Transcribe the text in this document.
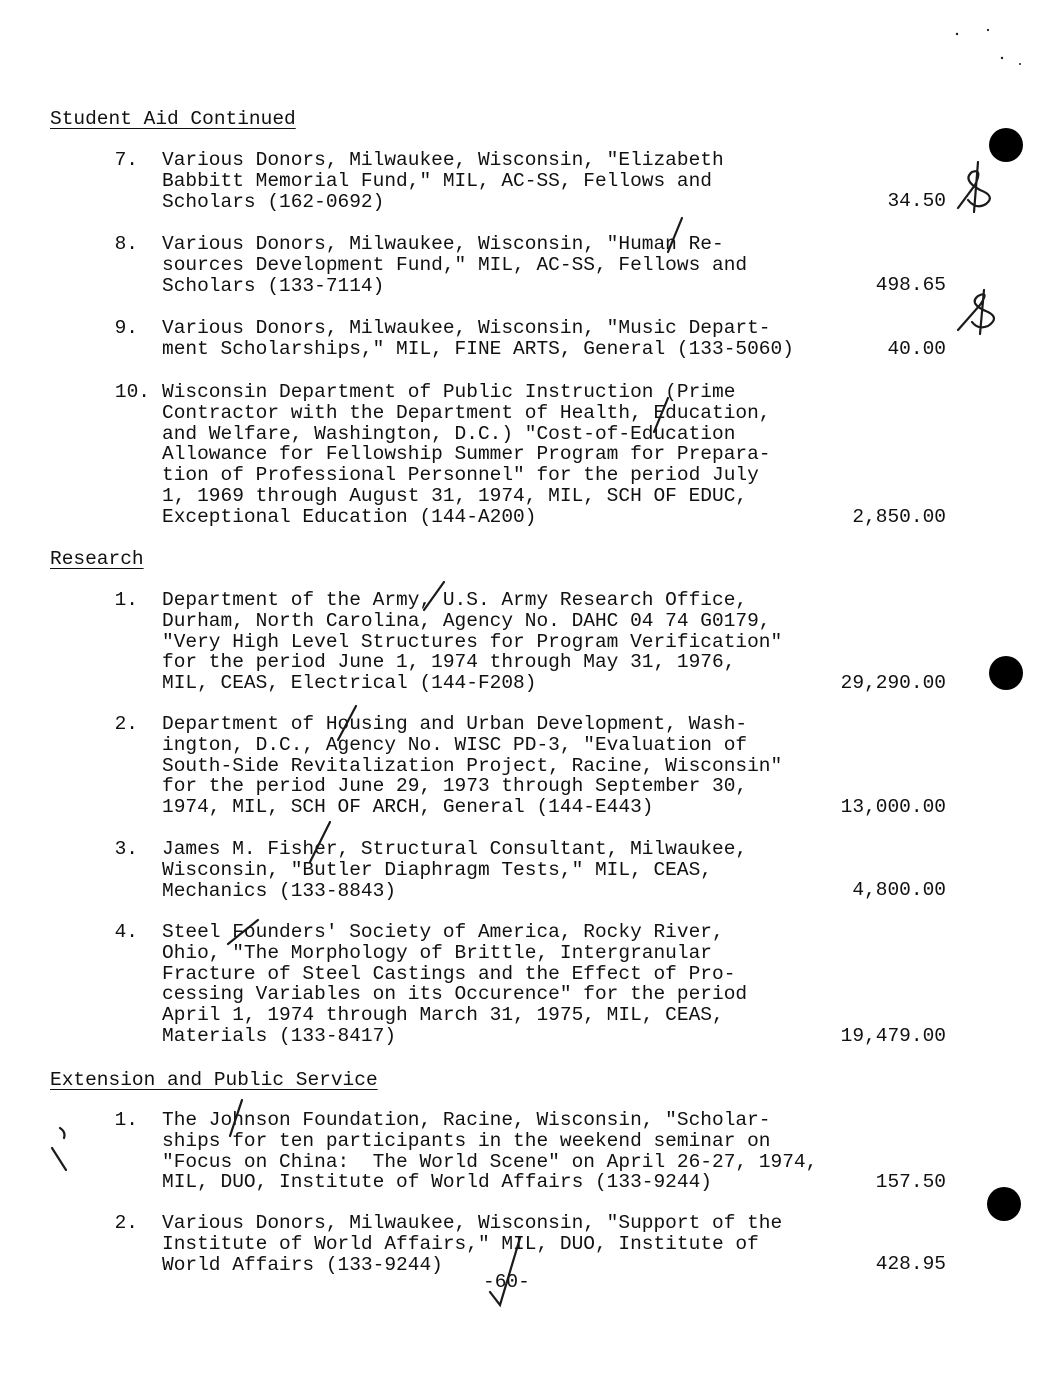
Student Aid Continued
7. Various Donors, Milwaukee, Wisconsin, "Elizabeth
Babbitt Memorial Fund," MIL, AC-SS, Fellows and
Scholars (162-0692)	34.50
8. Various Donors, Milwaukee, Wisconsin, "Human Re-
sources Development Fund," MIL, AC-SS, Fellows and
Scholars (133-7114)	498.65
9. Various Donors, Milwaukee, Wisconsin, "Music Depart-
ment Scholarships," MIL, FINE ARTS, General (133-5060)	40.00
10. Wisconsin Department of Public Instruction (Prime
Contractor with the Department of Health, Education,
and Welfare, Washington, D.C.) "Cost-of-Education
Allowance for Fellowship Summer Program for Prepara-
tion of Professional Personnel" for the period July
1, 1969 through August 31, 1974, MIL, SCH OF EDUC,
Exceptional Education (144-A200)	2,850.00
Research
1. Department of the Army, U.S. Army Research Office,
Durham, North Carolina, Agency No. DAHC 04 74 G0179,
"Very High Level Structures for Program Verification"
for the period June 1, 1974 through May 31, 1976,
MIL, CEAS, Electrical (144-F208)	29,290.00
2. Department of Housing and Urban Development, Wash-
ington, D.C., Agency No. WISC PD-3, "Evaluation of
South-Side Revitalization Project, Racine, Wisconsin"
for the period June 29, 1973 through September 30,
1974, MIL, SCH OF ARCH, General (144-E443)	13,000.00
3. James M. Fisher, Structural Consultant, Milwaukee,
Wisconsin, "Butler Diaphragm Tests," MIL, CEAS,
Mechanics (133-8843)	4,800.00
4. Steel Founders' Society of America, Rocky River,
Ohio, "The Morphology of Brittle, Intergranular
Fracture of Steel Castings and the Effect of Pro-
cessing Variables on its Occurence" for the period
April 1, 1974 through March 31, 1975, MIL, CEAS,
Materials (133-8417)	19,479.00
Extension and Public Service
1. The Johnson Foundation, Racine, Wisconsin, "Scholar-
ships for ten participants in the weekend seminar on
"Focus on China:  The World Scene" on April 26-27, 1974,
MIL, DUO, Institute of World Affairs (133-9244)	157.50
2. Various Donors, Milwaukee, Wisconsin, "Support of the
Institute of World Affairs," MIL, DUO, Institute of
World Affairs (133-9244)	428.95
-60-
